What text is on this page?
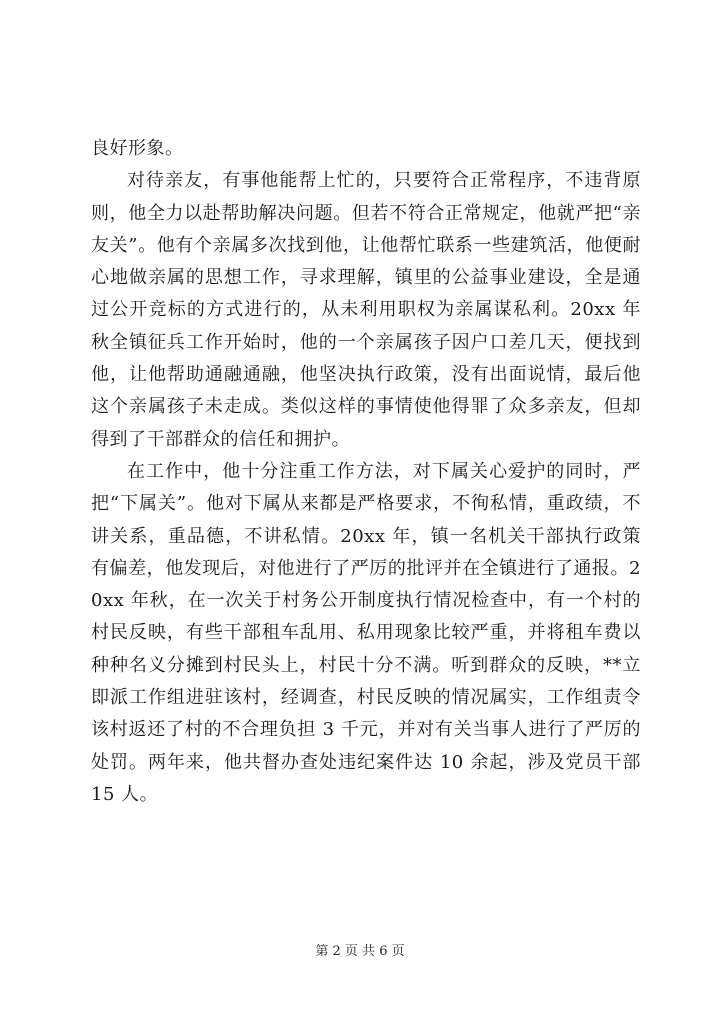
良好形象。

对待亲友，有事他能帮上忙的，只要符合正常程序，不违背原则，他全力以赴帮助解决问题。但若不符合正常规定，他就严把“亲友关”。他有个亲属多次找到他，让他帮忙联系一些建筑活，他便耐心地做亲属的思想工作，寻求理解，镇里的公益事业建设，全是通过公开竞标的方式进行的，从未利用职权为亲属谋私利。20xx 年秋全镇征兵工作开始时，他的一个亲属孩子因户口差几天，便找到他，让他帮助通融通融，他坚决执行政策，没有出面说情，最后他这个亲属孩子未走成。类似这样的事情使他得罪了众多亲友，但却得到了干部群众的信任和拥护。

在工作中，他十分注重工作方法，对下属关心爱护的同时，严把“下属关”。他对下属从来都是严格要求，不徇私情，重政绩，不讲关系，重品德，不讲私情。20xx 年，镇一名机关干部执行政策有偏差，他发现后，对他进行了严厉的批评并在全镇进行了通报。20xx 年秋，在一次关于村务公开制度执行情况检查中，有一个村的村民反映，有些干部租车乱用、私用现象比较严重，并将租车费以种种名义分摊到村民头上，村民十分不满。听到群众的反映，**立即派工作组进驻该村，经调查，村民反映的情况属实，工作组责令该村返还了村的不合理负担 3 千元，并对有关当事人进行了严厉的处罚。两年来，他共督办查处违纪案件达 10 余起，涉及党员干部 15 人。

第 2 页 共 6 页
